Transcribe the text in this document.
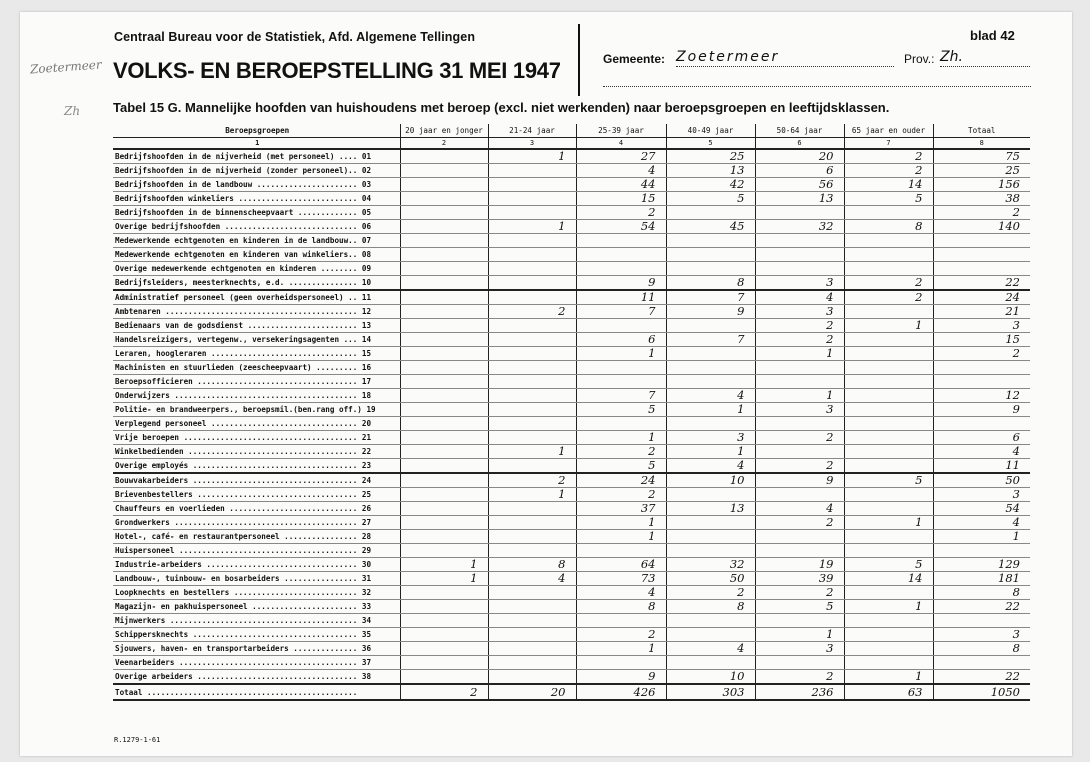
Zoetermeer
Zh
Centraal Bureau voor de Statistiek, Afd. Algemene Tellingen
VOLKS- EN BEROEPSTELLING 31 MEI 1947
blad 42
Gemeente: Zoetermeer	Prov.: Zh.
Tabel 15 G. Mannelijke hoofden van huishoudens met beroep (excl. niet werkenden) naar beroepsgroepen en leeftijdsklassen.
Beroepsgroepen	20 jaar en jonger	21-24 jaar	25-39 jaar	40-49 jaar	50-64 jaar	65 jaar en ouder	Totaal
1	2	3	4	5	6	7	8
Bedrijfshoofden in de nijverheid (met personeel) .... 01		1	27	25	20	2	75
Bedrijfshoofden in de nijverheid (zonder personeel).. 02			4	13	6	2	25
Bedrijfshoofden in de landbouw ...................... 03			44	42	56	14	156
Bedrijfshoofden winkeliers .......................... 04			15	5	13	5	38
Bedrijfshoofden in de binnenscheepvaart ............. 05			2				2
Overige bedrijfshoofden ............................. 06		1	54	45	32	8	140
Medewerkende echtgenoten en kinderen in de landbouw.. 07							
Medewerkende echtgenoten en kinderen van winkeliers.. 08							
Overige medewerkende echtgenoten en kinderen ........ 09							
Bedrijfsleiders, meesterknechts, e.d. ............... 10			9	8	3	2	22
Administratief personeel (geen overheidspersoneel) .. 11			11	7	4	2	24
Ambtenaren .......................................... 12		2	7	9	3		21
Bedienaars van de godsdienst ........................ 13					2	1	3
Handelsreizigers, vertegenw., versekeringsagenten ... 14			6	7	2		15
Leraren, hoogleraren ................................ 15			1		1		2
Machinisten en stuurlieden (zeescheepvaart) ......... 16							
Beroepsofficieren ................................... 17							
Onderwijzers ........................................ 18			7	4	1		12
Politie- en brandweerpers., beroepsmil.(ben.rang off.) 19			5	1	3		9
Verplegend personeel ................................ 20							
Vrije beroepen ...................................... 21			1	3	2		6
Winkelbedienden ..................................... 22		1	2	1			4
Overige employés .................................... 23			5	4	2		11
Bouwvakarbeiders .................................... 24		2	24	10	9	5	50
Brievenbestellers ................................... 25		1	2				3
Chauffeurs en voerlieden ............................ 26			37	13	4		54
Grondwerkers ........................................ 27			1		2	1	4
Hotel-, café- en restaurantpersoneel ................ 28			1				1
Huispersoneel ....................................... 29							
Industrie-arbeiders ................................. 30	1	8	64	32	19	5	129
Landbouw-, tuinbouw- en bosarbeiders ................ 31	1	4	73	50	39	14	181
Loopknechts en bestellers ........................... 32			4	2	2		8
Magazijn- en pakhuispersoneel ....................... 33			8	8	5	1	22
Mijnwerkers ......................................... 34							
Schippersknechts .................................... 35			2		1		3
Sjouwers, haven- en transportarbeiders .............. 36			1	4	3		8
Veenarbeiders ....................................... 37							
Overige arbeiders ................................... 38			9	10	2	1	22
Totaal ..............................................	2	20	426	303	236	63	1050
R.1279-1-61
